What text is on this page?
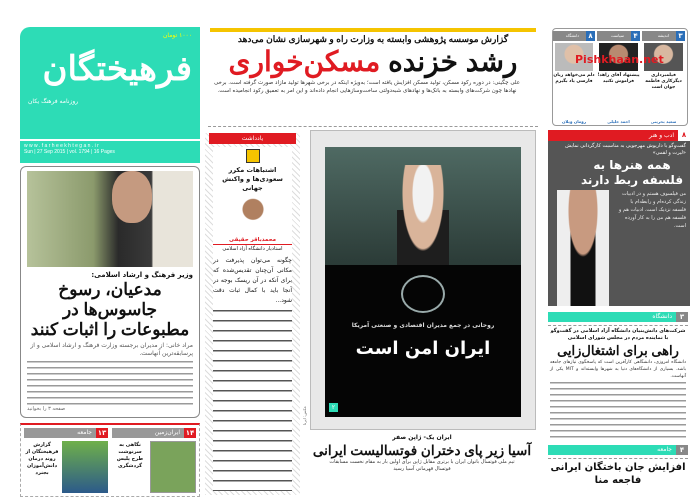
۱۰۰۰ تومان
فرهیختگان
روزنامه فرهنگ یکان
w w w . f a r h e e k h t e g a n . i r
Sun | 27 Sep 2015 | vol. 1794 | 16 Pages
وزیر فرهنگ و ارشاد اسلامی:
مدعیان، رسوخ جاسوس‌ها در مطبوعات را اثبات کنند
مراد خانی: از مدیران برجسته وزارت فرهنگ و ارشاد اسلامی و از پرسابقه‌ترین آنهاست.
صفحه ۳ را بخوانید
۱۴
ایران‌زمین
نگاهی به سرنوشت طرح پلیس گردشگری
۱۳
جامعه
گزارش فرهیختگان از روند درمان دانش‌آموزان بجنرد
گزارش موسسه پژوهشی وابسته به وزارت راه و شهرسازی نشان می‌دهد
رشد خزنده مسکن‌خواری
علی چگینی: در دوره رکود مسکن، تولید مسکن افزایش یافته است؛ به‌ویژه اینکه در برخی شهرها تولید مازاد صورت گرفته است. برخی نهادها چون شرکت‌های وابسته به بانک‌ها و نهادهای شبه‌دولتی ساخت‌وسازهایی انجام داده‌اند و این امر به تعمیق رکود انجامیده است.
یادداشت
اشتباهات مکرر سعودی‌ها و واکنش جهانی
محمدباقر حقیقی
استادیار دانشگاه آزاد اسلامی
چگونه می‌توان پذیرفت در مکانی آن‌چنان تقدیس‌شده که برای آنکه در آن ریسک بوجه در آنجا باید با کمال ثبات دقت شود...
روحانی در جمع مدیران اقتصادی و صنعتی آمریکا
ایران امن است
۲
عکس: ایرنا
ایران یک- ژاپن صفر
آسیا زیر پای دختران فوتسالیست ایرانی
تیم ملی فوتسال بانوان ایران با برتری مقابل ژاپن برای اولین بار به مقام نخست مسابقات فوتسال قهرمانی آسیا رسید
۳
اندیشه
فیلمبرداری دیگرکاری فاطمه جوان است
سعید بحرینی
۴
سیاست
پیشنهاد آقای زاهد! فراموش نکنید
احمد خلیلی
۸
دانشگاه
دلم می‌خواهد زبان فارسی یاد بگیرم
رومان ویلان
Pishkhaan.net
۸
ادب و هنر
گفت‌وگو با داریوش مهرجویی به مناسبت کارگردانی نمایش «لیرت و لقمی»
همه هنرها به فلسفه ربط دارند
من فیلسوف هستم و در ادبیات زندگی کرده‌ام و رابطه‌ام با فلسفه نزدیک است. ادبیات هم و فلسفه هم من را به کار آورده است.
۳
دانشگاه
شرکت‌های دانش‌بنیان دانشگاه آزاد اسلامی در گفت‌وگو با نماینده مردم در مجلس شورای اسلامی
راهی برای اشتغال‌زایی
دانشگاه امروزی، دانشگاهی کارآفرین است که پاسخگوی نیازهای جامعه باشد. بسیاری از دانشگاه‌های دنیا به شهرها وابسته‌اند و MIT یکی از آنهاست.
۴
جامعه
افزایش جان باختگان ایرانی فاجعه منا
